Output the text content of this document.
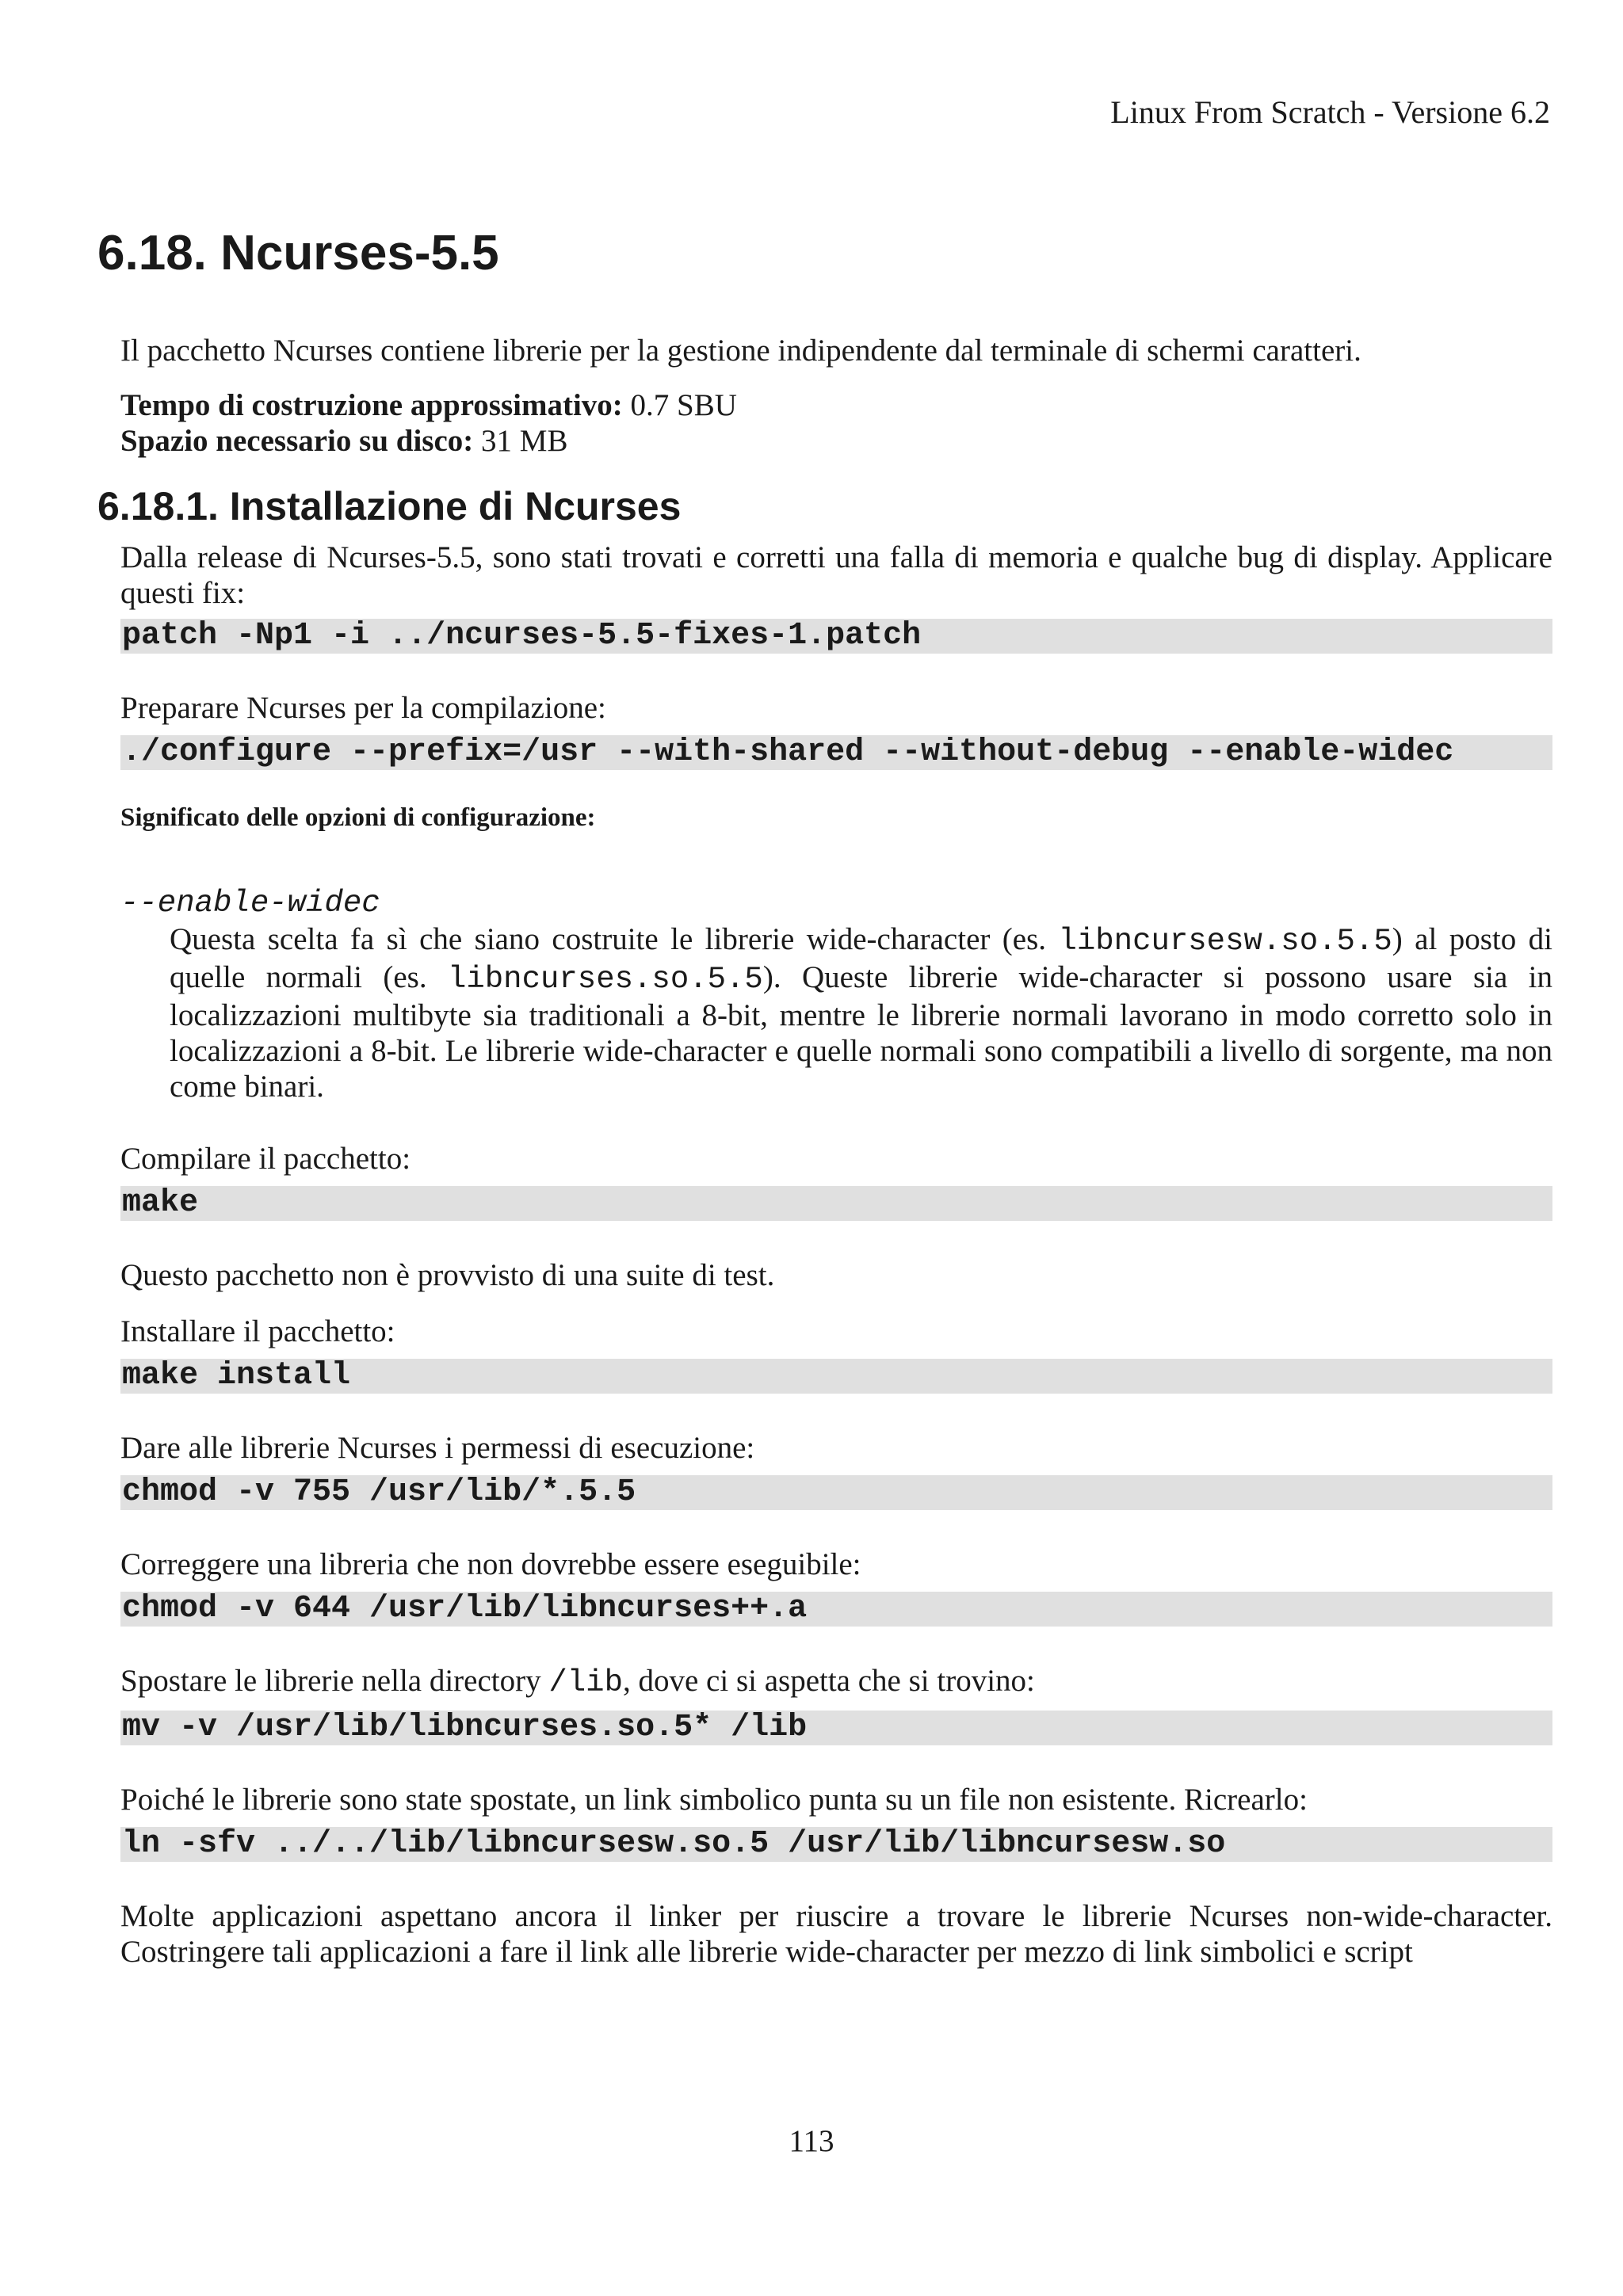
Linux From Scratch - Versione 6.2
6.18. Ncurses-5.5

Il pacchetto Ncurses contiene librerie per la gestione indipendente dal terminale di schermi caratteri.

Tempo di costruzione approssimativo: 0.7 SBU
Spazio necessario su disco: 31 MB
6.18.1. Installazione di Ncurses

Dalla release di Ncurses-5.5, sono stati trovati e corretti una falla di memoria e qualche bug di display. Applicare questi fix:

patch -Np1 -i ../ncurses-5.5-fixes-1.patch

Preparare Ncurses per la compilazione:

./configure --prefix=/usr --with-shared --without-debug --enable-widec
Significato delle opzioni di configurazione:
--enable-widec

Questa scelta fa sì che siano costruite le librerie wide-character (es. libncursesw.so.5.5) al posto di quelle normali (es. libncurses.so.5.5). Queste librerie wide-character si possono usare sia in localizzazioni multibyte sia traditionali a 8-bit, mentre le librerie normali lavorano in modo corretto solo in localizzazioni a 8-bit. Le librerie wide-character e quelle normali sono compatibili a livello di sorgente, ma non come binari.

Compilare il pacchetto:

make

Questo pacchetto non è provvisto di una suite di test.

Installare il pacchetto:

make install

Dare alle librerie Ncurses i permessi di esecuzione:

chmod -v 755 /usr/lib/*.5.5

Correggere una libreria che non dovrebbe essere eseguibile:

chmod -v 644 /usr/lib/libncurses++.a

Spostare le librerie nella directory /lib, dove ci si aspetta che si trovino:

mv -v /usr/lib/libncurses.so.5* /lib

Poiché le librerie sono state spostate, un link simbolico punta su un file non esistente. Ricrearlo:

ln -sfv ../../lib/libncursesw.so.5 /usr/lib/libncursesw.so

Molte applicazioni aspettano ancora il linker per riuscire a trovare le librerie Ncurses non-wide-character. Costringere tali applicazioni a fare il link alle librerie wide-character per mezzo di link simbolici e script

113
